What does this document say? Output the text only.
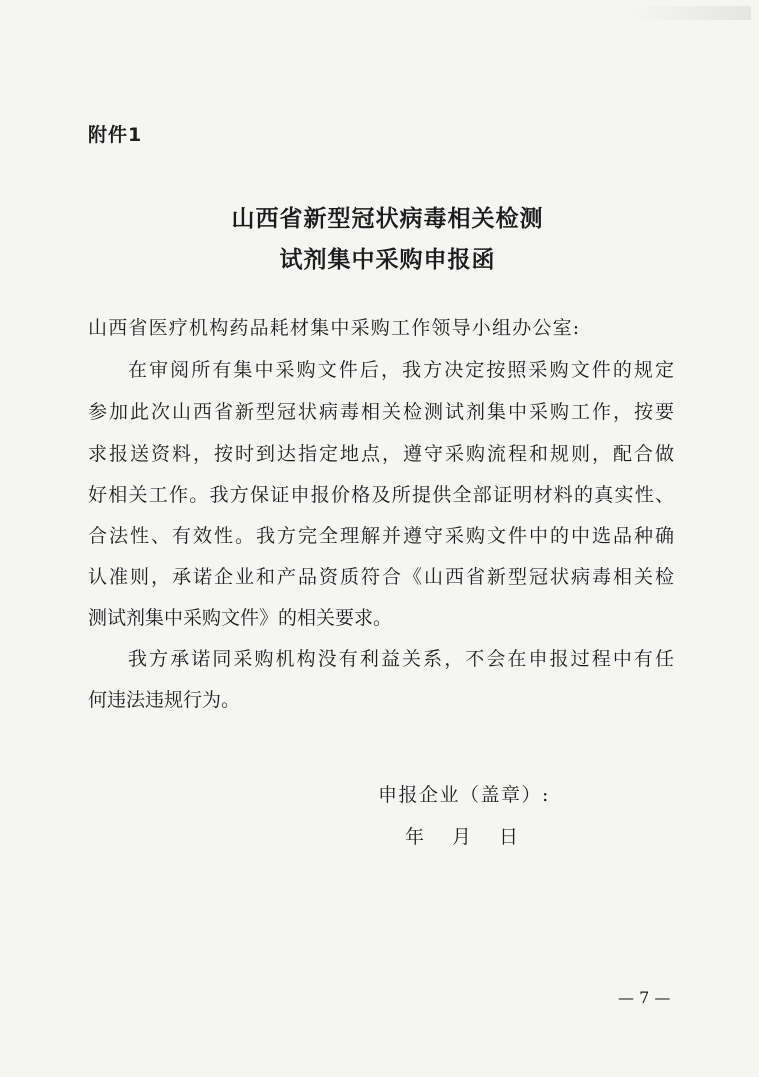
附件1
山西省新型冠状病毒相关检测
试剂集中采购申报函
山西省医疗机构药品耗材集中采购工作领导小组办公室:
在审阅所有集中采购文件后，我方决定按照采购文件的规定
参加此次山西省新型冠状病毒相关检测试剂集中采购工作，按要
求报送资料，按时到达指定地点，遵守采购流程和规则，配合做
好相关工作。我方保证申报价格及所提供全部证明材料的真实性、
合法性、有效性。我方完全理解并遵守采购文件中的中选品种确
认准则，承诺企业和产品资质符合《山西省新型冠状病毒相关检
测试剂集中采购文件》的相关要求。
我方承诺同采购机构没有利益关系，不会在申报过程中有任
何违法违规行为。
申报企业（盖章）:
年 月 日
— 7 —
